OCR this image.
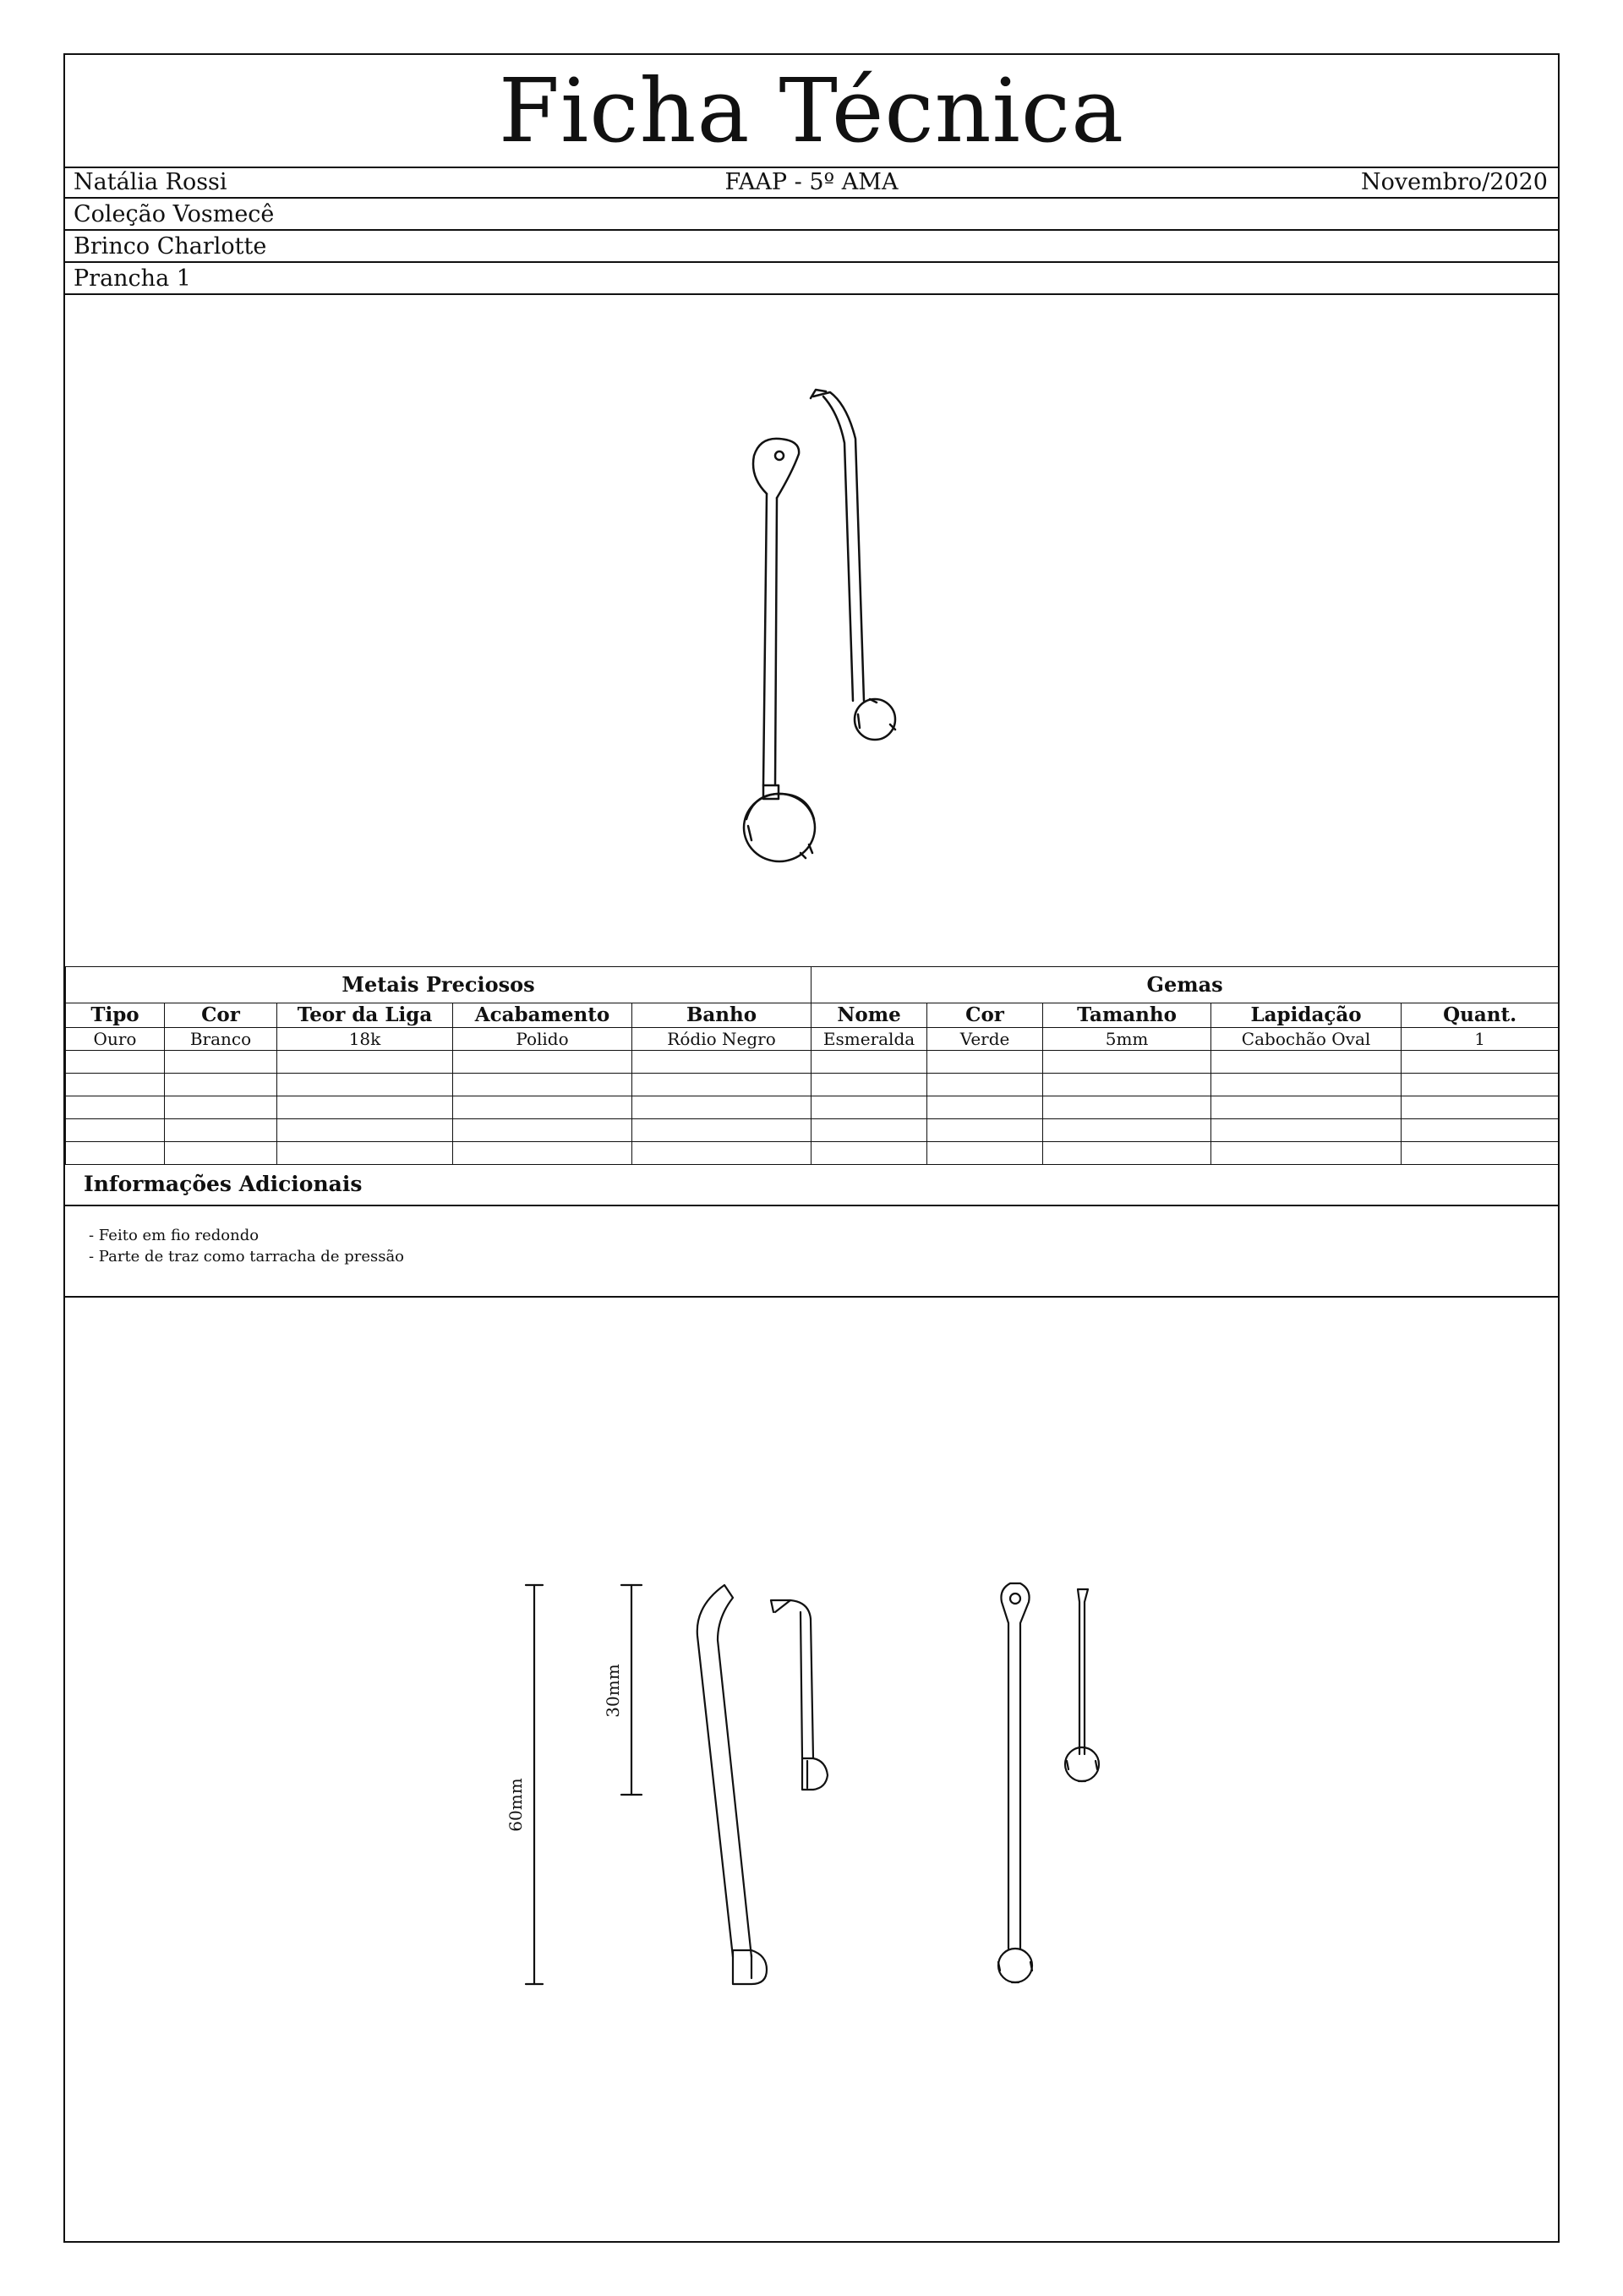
Ficha Técnica
FAAP - 5º AMA
Natália Rossi	Novembro/2020
Coleção Vosmecê
Brinco Charlotte
Prancha 1
Metais Preciosos					Gemas				
Tipo	Cor	Teor da Liga	Acabamento	Banho	Nome	Cor	Tamanho	Lapidação	Quant.
Ouro	Branco	18k	Polido	Ródio Negro	Esmeralda	Verde	5mm	Cabochão Oval	1

Informações Adicionais
- Feito em fio redondo
- Parte de traz como tarracha de pressão
60mm
30mm
